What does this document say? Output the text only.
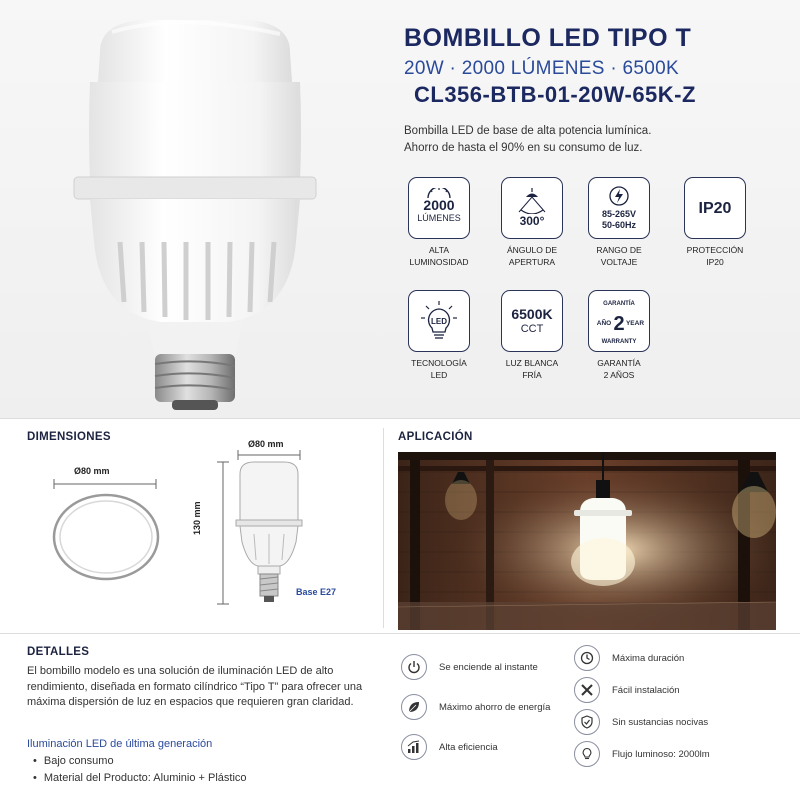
BOMBILLO LED TIPO T
20W · 2000 LÚMENES · 6500K
CL356-BTB-01-20W-65K-Z
Bombilla LED de base de alta potencia lumínica.
Ahorro de hasta el 90% en su consumo de luz.
2000
LÚMENES
ALTA
LUMINOSIDAD
300°
ÁNGULO DE
APERTURA
85-265V
50-60Hz
RANGO DE
VOLTAJE
IP20
PROTECCIÓN
IP20
LED
TECNOLOGÍA
LED
6500K
CCT
LUZ BLANCA
FRÍA
GARANTÍA
AÑO 2 YEAR
WARRANTY
GARANTÍA
2 AÑOS
DIMENSIONES
Ø80 mm
Ø80 mm
130 mm
Base E27
APLICACIÓN
DETALLES
El bombillo modelo es una solución de iluminación LED de alto rendimiento, diseñada en formato cilíndrico “Tipo T” para ofrecer una máxima dispersión de luz en espacios que requieren gran claridad.
Iluminación LED de última generación
• Bajo consumo
• Material del Producto: Aluminio + Plástico
Se enciende al instante
Máximo ahorro de energía
Alta eficiencia
Máxima duración
Fácil instalación
Sin sustancias nocivas
Flujo luminoso: 2000lm
